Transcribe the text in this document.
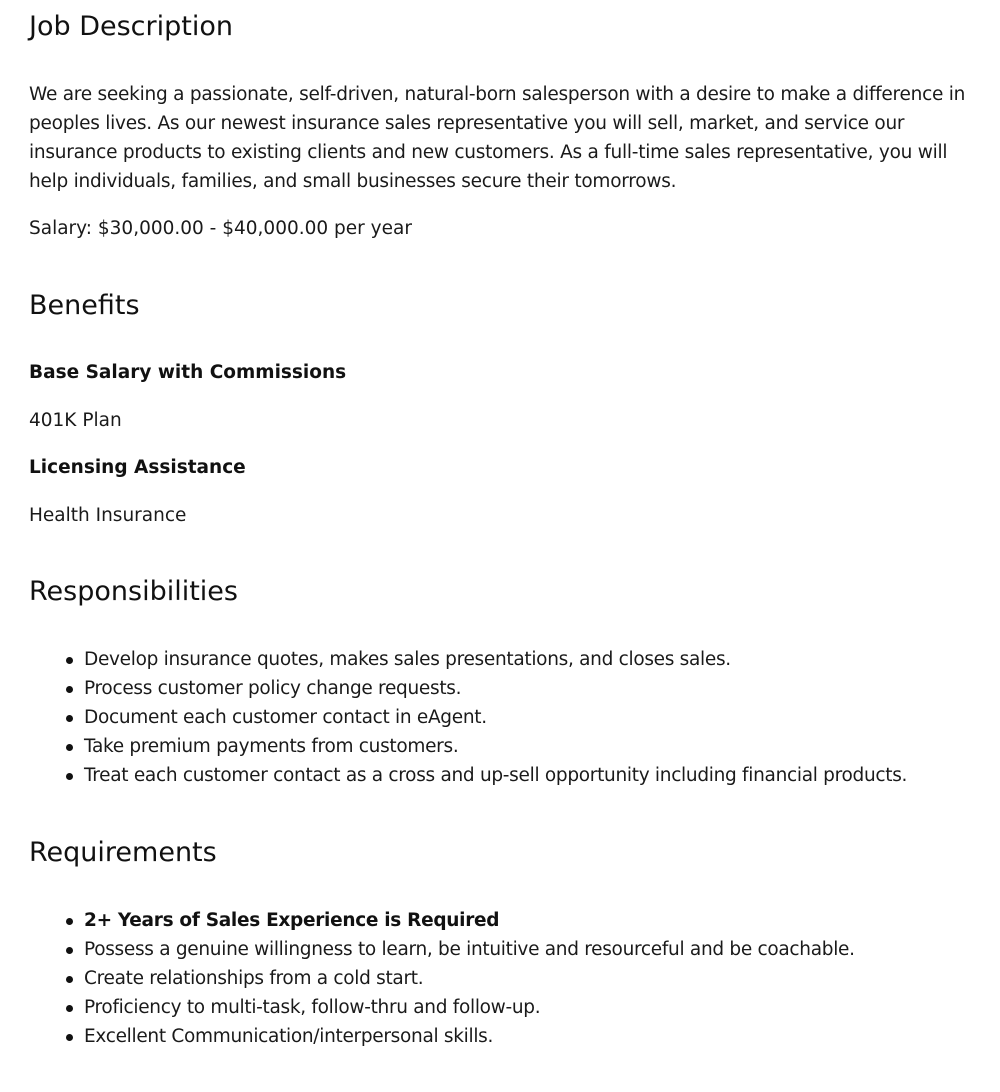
Job Description

We are seeking a passionate, self-driven, natural-born salesperson with a desire to make a difference in peoples lives. As our newest insurance sales representative you will sell, market, and service our insurance products to existing clients and new customers. As a full-time sales representative, you will help individuals, families, and small businesses secure their tomorrows.

Salary: $30,000.00 - $40,000.00 per year

Benefits

Base Salary with Commissions

401K Plan

Licensing Assistance

Health Insurance

Responsibilities
Develop insurance quotes, makes sales presentations, and closes sales.
Process customer policy change requests.
Document each customer contact in eAgent.
Take premium payments from customers.
Treat each customer contact as a cross and up-sell opportunity including financial products.
Requirements
2+ Years of Sales Experience is Required
Possess a genuine willingness to learn, be intuitive and resourceful and be coachable.
Create relationships from a cold start.
Proficiency to multi-task, follow-thru and follow-up.
Excellent Communication/interpersonal skills.
